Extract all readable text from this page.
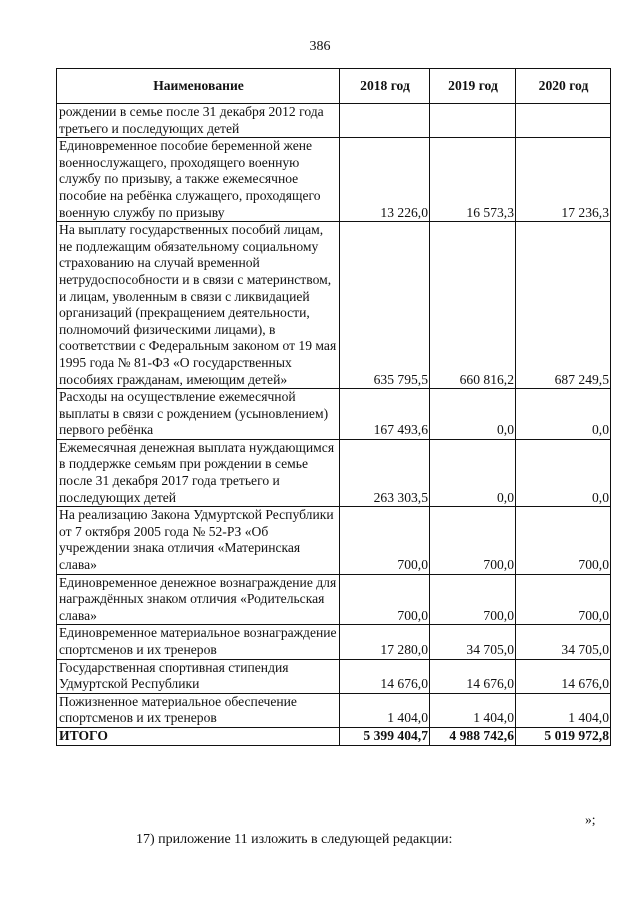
386
Наименование	2018 год	2019 год	2020 год
рождении в семье после 31 декабря 2012 года третьего и последующих детей			
Единовременное пособие беременной жене военнослужащего, проходящего военную службу по призыву, а также ежемесячное пособие на ребёнка служащего, проходящего военную службу по призыву	13 226,0	16 573,3	17 236,3
На выплату государственных пособий лицам, не подлежащим обязательному социальному страхованию на случай временной нетрудоспособности и в связи с материнством, и лицам, уволенным в связи с ликвидацией организаций (прекращением деятельности, полномочий физическими лицами), в соответствии с Федеральным законом от 19 мая 1995 года № 81-ФЗ «О государственных пособиях гражданам, имеющим детей»	635 795,5	660 816,2	687 249,5
Расходы на осуществление ежемесячной выплаты в связи с рождением (усыновлением) первого ребёнка	167 493,6	0,0	0,0
Ежемесячная денежная выплата нуждающимся в поддержке семьям при рождении в семье после 31 декабря 2017 года третьего и последующих детей	263 303,5	0,0	0,0
На реализацию Закона Удмуртской Республики от 7 октября 2005 года № 52-РЗ «Об учреждении знака отличия «Материнская слава»	700,0	700,0	700,0
Единовременное денежное вознаграждение для награждённых знаком отличия «Родительская слава»	700,0	700,0	700,0
Единовременное материальное вознаграждение спортсменов и их тренеров	17 280,0	34 705,0	34 705,0
Государственная спортивная стипендия Удмуртской Республики	14 676,0	14 676,0	14 676,0
Пожизненное материальное обеспечение спортсменов и их тренеров	1 404,0	1 404,0	1 404,0
ИТОГО	5 399 404,7	4 988 742,6	5 019 972,8
»;
17) приложение 11 изложить в следующей редакции:
